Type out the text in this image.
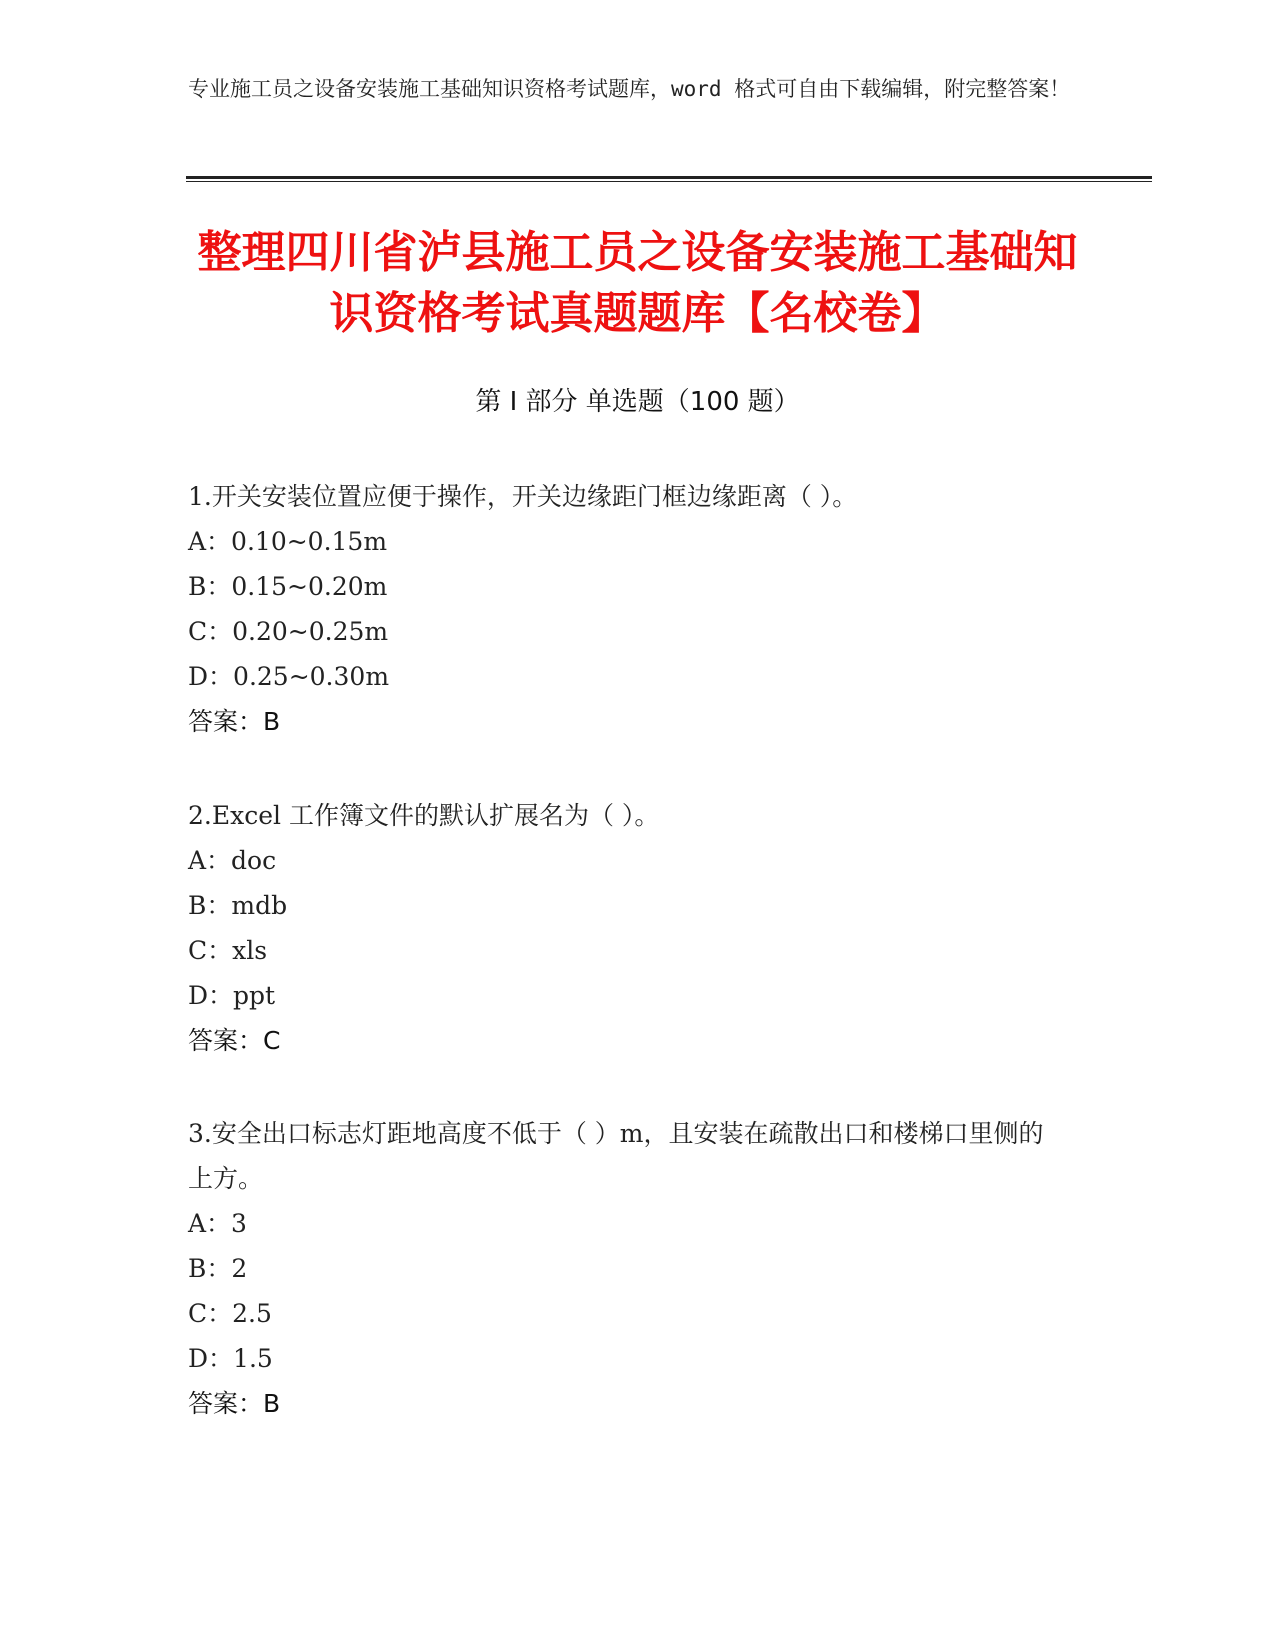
专业施工员之设备安装施工基础知识资格考试题库，word 格式可自由下载编辑，附完整答案！
整理四川省泸县施工员之设备安装施工基础知识资格考试真题题库【名校卷】
第 I 部分 单选题（100 题）
1.开关安装位置应便于操作，开关边缘距门框边缘距离（ ）。
A：0.10~0.15m
B：0.15~0.20m
C：0.20~0.25m
D：0.25~0.30m
答案：B
2.Excel 工作簿文件的默认扩展名为（ ）。
A：doc
B：mdb
C：xls
D：ppt
答案：C
3.安全出口标志灯距地高度不低于（ ）m，且安装在疏散出口和楼梯口里侧的上方。
A：3
B：2
C：2.5
D：1.5
答案：B
